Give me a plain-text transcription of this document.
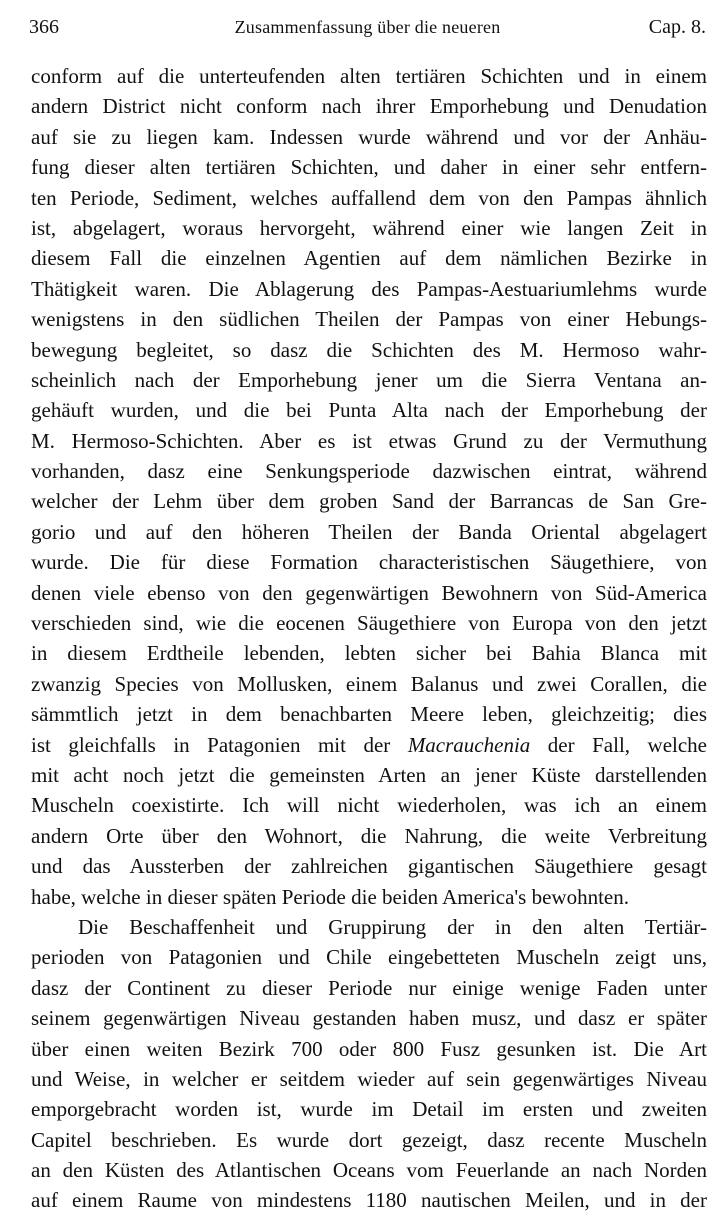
366	Zusammenfassung über die neueren	Cap. 8.
conform auf die unterteufenden alten tertiären Schichten und in einem
andern District nicht conform nach ihrer Emporhebung und Denudation
auf sie zu liegen kam. Indessen wurde während und vor der Anhäu-
fung dieser alten tertiären Schichten, und daher in einer sehr entfern-
ten Periode, Sediment, welches auffallend dem von den Pampas ähnlich
ist, abgelagert, woraus hervorgeht, während einer wie langen Zeit in
diesem Fall die einzelnen Agentien auf dem nämlichen Bezirke in
Thätigkeit waren. Die Ablagerung des Pampas-Aestuariumlehms wurde
wenigstens in den südlichen Theilen der Pampas von einer Hebungs-
bewegung begleitet, so dasz die Schichten des M. Hermoso wahr-
scheinlich nach der Emporhebung jener um die Sierra Ventana an-
gehäuft wurden, und die bei Punta Alta nach der Emporhebung der
M. Hermoso-Schichten. Aber es ist etwas Grund zu der Vermuthung
vorhanden, dasz eine Senkungsperiode dazwischen eintrat, während
welcher der Lehm über dem groben Sand der Barrancas de San Gre-
gorio und auf den höheren Theilen der Banda Oriental abgelagert
wurde. Die für diese Formation characteristischen Säugethiere, von
denen viele ebenso von den gegenwärtigen Bewohnern von Süd-America
verschieden sind, wie die eocenen Säugethiere von Europa von den jetzt
in diesem Erdtheile lebenden, lebten sicher bei Bahia Blanca mit
zwanzig Species von Mollusken, einem Balanus und zwei Corallen, die
sämmtlich jetzt in dem benachbarten Meere leben, gleichzeitig; dies
ist gleichfalls in Patagonien mit der Macrauchenia der Fall, welche
mit acht noch jetzt die gemeinsten Arten an jener Küste darstellenden
Muscheln coexistirte. Ich will nicht wiederholen, was ich an einem
andern Orte über den Wohnort, die Nahrung, die weite Verbreitung
und das Aussterben der zahlreichen gigantischen Säugethiere gesagt
habe, welche in dieser späten Periode die beiden America's bewohnten.
Die Beschaffenheit und Gruppirung der in den alten Tertiär-
perioden von Patagonien und Chile eingebetteten Muscheln zeigt uns,
dasz der Continent zu dieser Periode nur einige wenige Faden unter
seinem gegenwärtigen Niveau gestanden haben musz, und dasz er später
über einen weiten Bezirk 700 oder 800 Fusz gesunken ist. Die Art
und Weise, in welcher er seitdem wieder auf sein gegenwärtiges Niveau
emporgebracht worden ist, wurde im Detail im ersten und zweiten
Capitel beschrieben. Es wurde dort gezeigt, dasz recente Muscheln
an den Küsten des Atlantischen Oceans vom Feuerlande an nach Norden
auf einem Raume von mindestens 1180 nautischen Meilen, und in der
